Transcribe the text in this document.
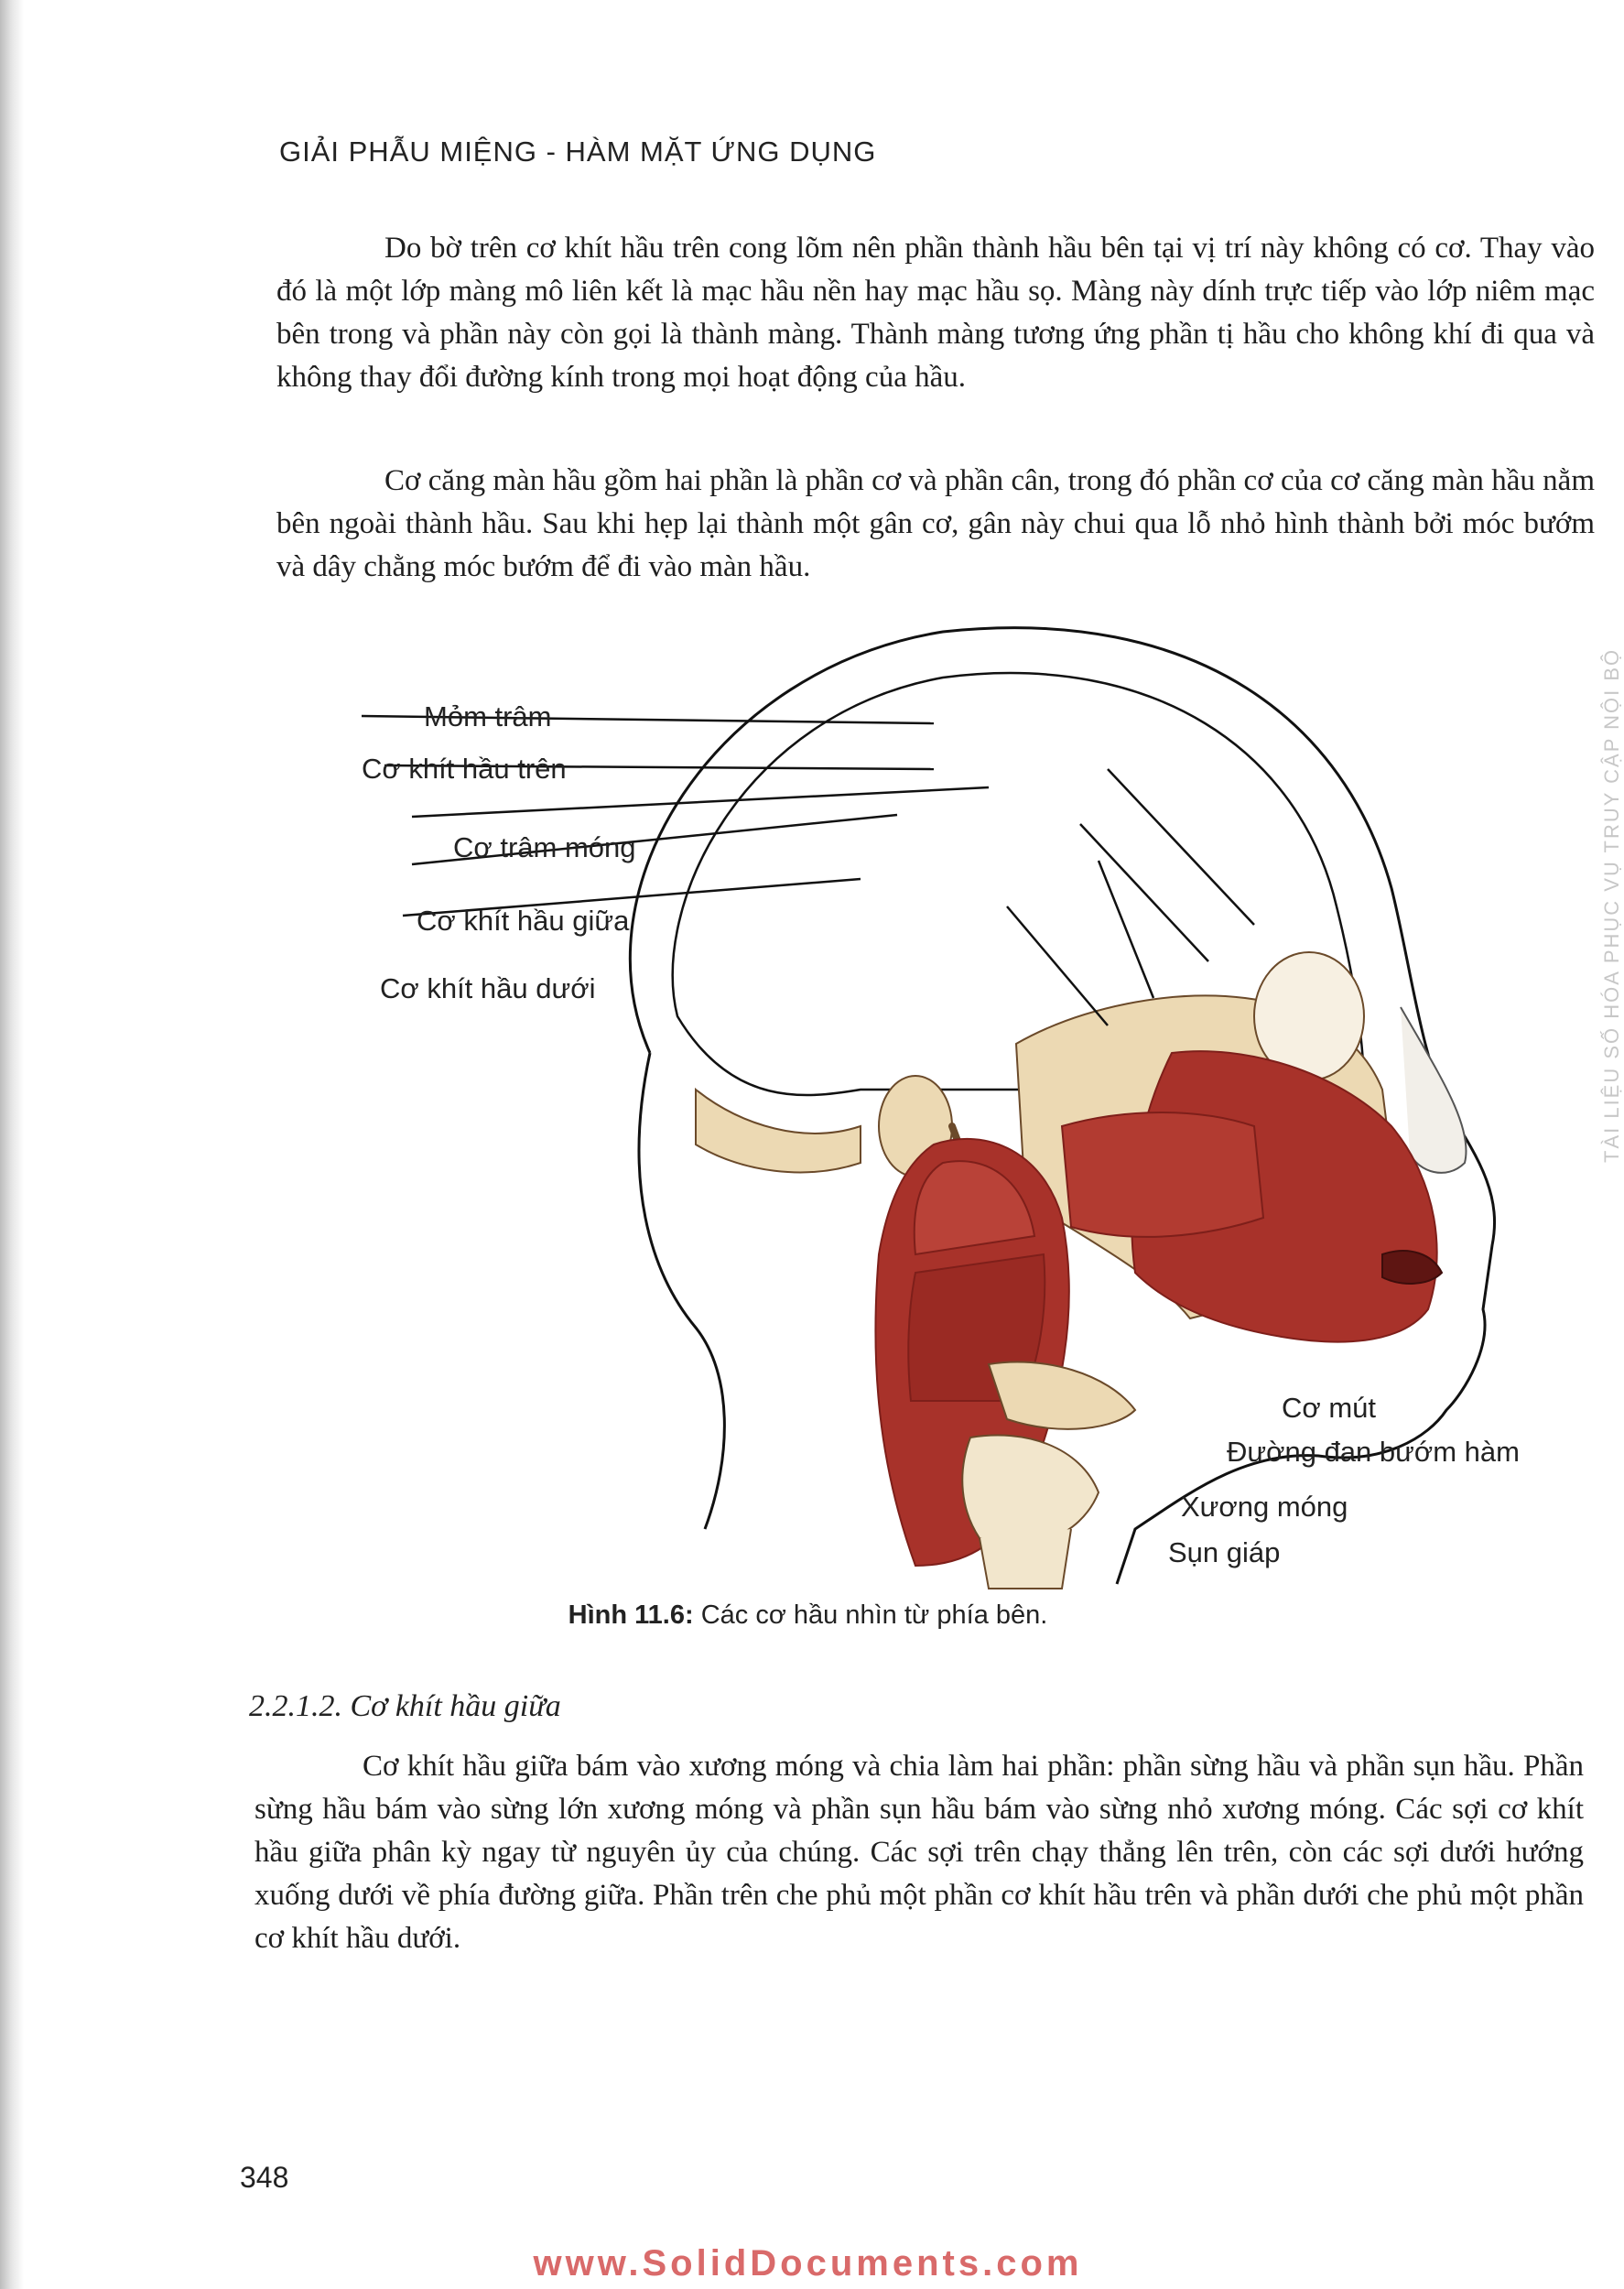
GIẢI PHẪU MIỆNG - HÀM MẶT ỨNG DỤNG

Do bờ trên cơ khít hầu trên cong lõm nên phần thành hầu bên tại vị trí này không có cơ. Thay vào đó là một lớp màng mô liên kết là mạc hầu nền hay mạc hầu sọ. Màng này dính trực tiếp vào lớp niêm mạc bên trong và phần này còn gọi là thành màng. Thành màng tương ứng phần tị hầu cho không khí đi qua và không thay đổi đường kính trong mọi hoạt động của hầu.

Cơ căng màn hầu gồm hai phần là phần cơ và phần cân, trong đó phần cơ của cơ căng màn hầu nằm bên ngoài thành hầu. Sau khi hẹp lại thành một gân cơ, gân này chui qua lỗ nhỏ hình thành bởi móc bướm và dây chằng móc bướm để đi vào màn hầu.

Mỏm trâm
Cơ khít hầu trên
Cơ trâm móng
Cơ khít hầu giữa
Cơ khít hầu dưới
Cơ mút
Đường đan bướm hàm
Xương móng
Sụn giáp
Hình 11.6: Các cơ hầu nhìn từ phía bên.
2.2.1.2. Cơ khít hầu giữa

Cơ khít hầu giữa bám vào xương móng và chia làm hai phần: phần sừng hầu và phần sụn hầu. Phần sừng hầu bám vào sừng lớn xương móng và phần sụn hầu bám vào sừng nhỏ xương móng. Các sợi cơ khít hầu giữa phân kỳ ngay từ nguyên ủy của chúng. Các sợi trên chạy thẳng lên trên, còn các sợi dưới hướng xuống dưới về phía đường giữa. Phần trên che phủ một phần cơ khít hầu trên và phần dưới che phủ một phần cơ khít hầu dưới.

348
TÀI LIỆU SỐ HÓA PHỤC VỤ TRUY CẬP NỘI BỘ
www.SolidDocuments.com
